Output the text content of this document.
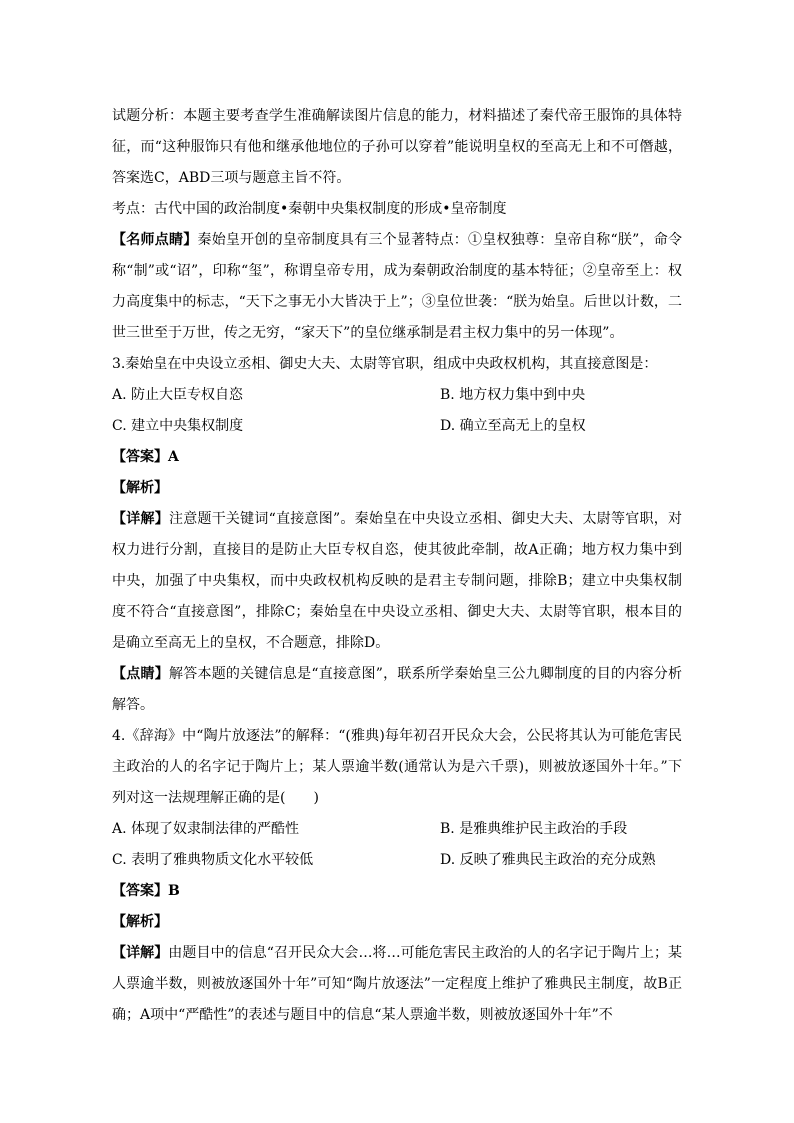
试题分析：本题主要考查学生准确解读图片信息的能力，材料描述了秦代帝王服饰的具体特征，而“这种服饰只有他和继承他地位的子孙可以穿着”能说明皇权的至高无上和不可僭越，答案选C，ABD三项与题意主旨不符。

考点：古代中国的政治制度•秦朝中央集权制度的形成•皇帝制度

【名师点睛】秦始皇开创的皇帝制度具有三个显著特点：①皇权独尊：皇帝自称“朕”，命令称“制”或“诏”，印称“玺”，称谓皇帝专用，成为秦朝政治制度的基本特征；②皇帝至上：权力高度集中的标志，“天下之事无小大皆决于上”；③皇位世袭：“朕为始皇。后世以计数，二世三世至于万世，传之无穷，“家天下”的皇位继承制是君主权力集中的另一体现”。

3.秦始皇在中央设立丞相、御史大夫、太尉等官职，组成中央政权机构，其直接意图是：

A. 防止大臣专权自恣	B. 地方权力集中到中央
C. 建立中央集权制度	D. 确立至高无上的皇权

【答案】A

【解析】

【详解】注意题干关键词“直接意图”。秦始皇在中央设立丞相、御史大夫、太尉等官职，对权力进行分割，直接目的是防止大臣专权自恣，使其彼此牵制，故A正确；地方权力集中到中央，加强了中央集权，而中央政权机构反映的是君主专制问题，排除B；建立中央集权制度不符合“直接意图”，排除C；秦始皇在中央设立丞相、御史大夫、太尉等官职，根本目的是确立至高无上的皇权，不合题意，排除D。

【点睛】解答本题的关键信息是“直接意图”，联系所学秦始皇三公九卿制度的目的内容分析解答。

4.《辞海》中“陶片放逐法”的解释：“(雅典)每年初召开民众大会，公民将其认为可能危害民主政治的人的名字记于陶片上；某人票逾半数(通常认为是六千票)，则被放逐国外十年。”下列对这一法规理解正确的是(　　)

A. 体现了奴隶制法律的严酷性	B. 是雅典维护民主政治的手段
C. 表明了雅典物质文化水平较低	D. 反映了雅典民主政治的充分成熟

【答案】B

【解析】

【详解】由题目中的信息“召开民众大会…将…可能危害民主政治的人的名字记于陶片上；某人票逾半数，则被放逐国外十年”可知“陶片放逐法”一定程度上维护了雅典民主制度，故B正确；A项中“严酷性”的表述与题目中的信息“某人票逾半数，则被放逐国外十年”不
